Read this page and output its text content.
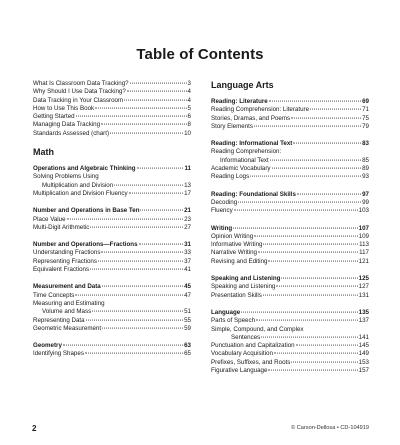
Table of Contents
What Is Classroom Data Tracking?	3
Why Should I Use Data Tracking?	4
Data Tracking in Your Classroom	4
How to Use This Book	5
Getting Started	6
Managing Data Tracking	8
Standards Assessed (chart)	10
Math
Operations and Algebraic Thinking	11
Solving Problems Using
Multiplication and Division	13
Multiplication and Division Fluency	17
Number and Operations in Base Ten	21
Place Value	23
Multi-Digit Arithmetic	27
Number and Operations—Fractions	31
Understanding Fractions	33
Representing Fractions	37
Equivalent Fractions	41
Measurement and Data	45
Time Concepts	47
Measuring and Estimating
Volume and Mass	51
Representing Data	55
Geometric Measurement	59
Geometry	63
Identifying Shapes	65
Language Arts
Reading: Literature	69
Reading Comprehension: Literature	71
Stories, Dramas, and Poems	75
Story Elements	79
Reading: Informational Text	83
Reading Comprehension:
Informational Text	85
Academic Vocabulary	89
Reading Logs	93
Reading: Foundational Skills	97
Decoding	99
Fluency	103
Writing	107
Opinion Writing	109
Informative Writing	113
Narrative Writing	117
Revising and Editing	121
Speaking and Listening	125
Speaking and Listening	127
Presentation Skills	131
Language	135
Parts of Speech	137
Simple, Compound, and Complex
Sentences	141
Punctuation and Capitalization	145
Vocabulary Acquisition	149
Prefixes, Suffixes, and Roots	153
Figurative Language	157
2	© Carson-Dellosa • CD-104919
